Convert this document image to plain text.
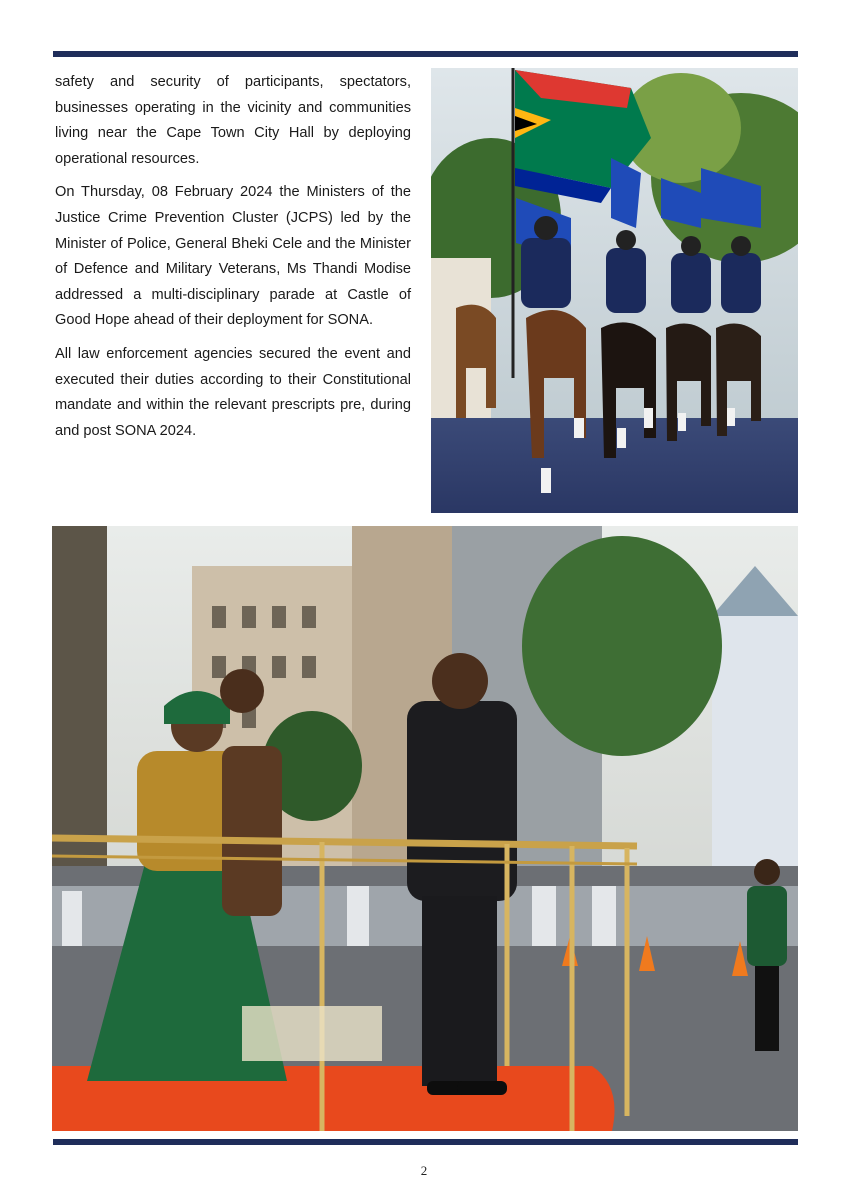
safety and security of participants, spectators, businesses operating in the vicinity and communities living near the Cape Town City Hall by deploying operational resources.

On Thursday, 08 February 2024 the Ministers of the Justice Crime Prevention Cluster (JCPS) led by the Minister of Police, General Bheki Cele and the Minister of Defence and Military Veterans, Ms Thandi Modise addressed a multi-disciplinary parade at Castle of Good Hope ahead of their deployment for SONA.

All law enforcement agencies secured the event and executed their duties according to their Constitutional mandate and within the relevant prescripts pre, during and post SONA 2024.

2
